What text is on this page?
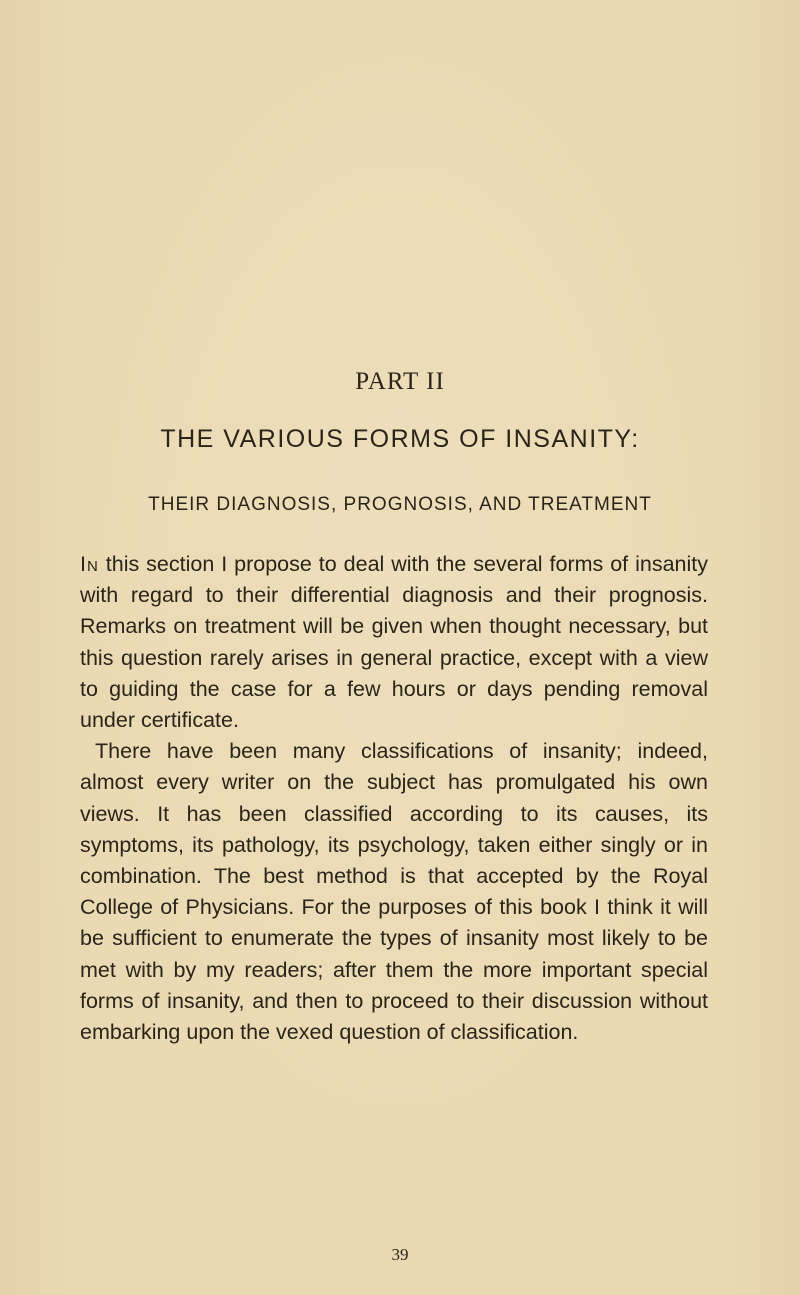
PART II
THE VARIOUS FORMS OF INSANITY:
THEIR DIAGNOSIS, PROGNOSIS, AND TREATMENT

In this section I propose to deal with the several forms of insanity with regard to their differential diagnosis and their prognosis. Remarks on treatment will be given when thought necessary, but this question rarely arises in general practice, except with a view to guiding the case for a few hours or days pending removal under certificate.

There have been many classifications of insanity; indeed, almost every writer on the subject has promulgated his own views. It has been classified according to its causes, its symptoms, its pathology, its psychology, taken either singly or in combination. The best method is that accepted by the Royal College of Physicians. For the purposes of this book I think it will be sufficient to enumerate the types of insanity most likely to be met with by my readers; after them the more important special forms of insanity, and then to proceed to their discussion without embarking upon the vexed question of classification.

39
